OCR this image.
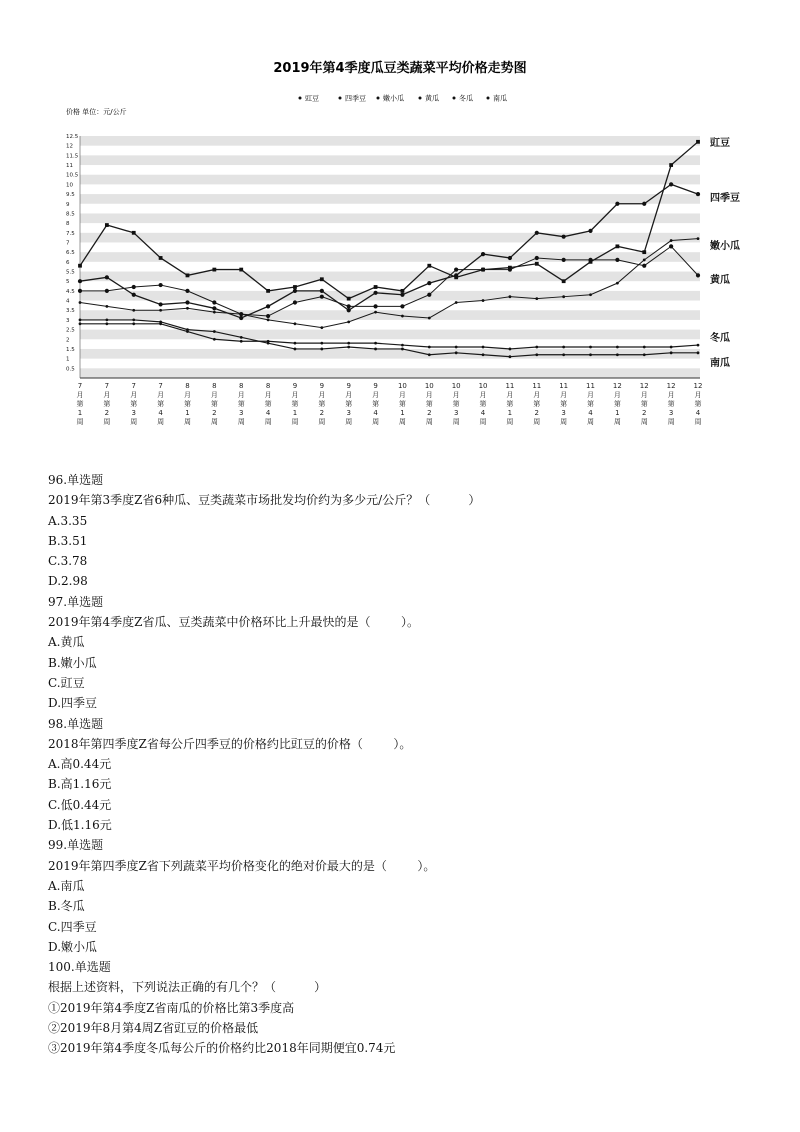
2019年第4季度瓜豆类蔬菜平均价格走势图
豇豆	四季豆 嫩小瓜	黄瓜	冬瓜	南瓜
价格 单位：元/公斤
12.5
12
11.5
11
10.5
10
9.5
9
8.5
8
7.5
7
6.5
6
5.5
5
4.5
4
3.5
3
2.5
2
1.5
1
0.5
7
月
第
1
周
7
月
第
2
周
7
月
第
3
周
7
月
第
4
周
8
月
第
1
周
8
月
第
2
周
8
月
第
3
周
8
月
第
4
周
9
月
第
1
周
9
月
第
2
周
9
月
第
3
周
9
月
第
4
周
10
月
第
1
周
10
月
第
2
周
10
月
第
3
周
10
月
第
4
周
11
月
第
1
周
11
月
第
2
周
11
月
第
3
周
11
月
第
4
周
12
月
第
1
周
12
月
第
2
周
12
月
第
3
周
12
月
第
4
周
豇豆
四季豆
嫩小瓜
黄瓜
冬瓜
南瓜
96.单选题
2019年第3季度Z省6种瓜、豆类蔬菜市场批发均价约为多少元/公斤？（          ）
A.3.35
B.3.51
C.3.78
D.2.98
97.单选题
2019年第4季度Z省瓜、豆类蔬菜中价格环比上升最快的是（        ）。
A.黄瓜
B.嫩小瓜
C.豇豆
D.四季豆
98.单选题
2018年第四季度Z省每公斤四季豆的价格约比豇豆的价格（        ）。
A.高0.44元
B.高1.16元
C.低0.44元
D.低1.16元
99.单选题
2019年第四季度Z省下列蔬菜平均价格变化的绝对价最大的是（        ）。
A.南瓜
B.冬瓜
C.四季豆
D.嫩小瓜
100.单选题
根据上述资料，下列说法正确的有几个？（          ）
①2019年第4季度Z省南瓜的价格比第3季度高
②2019年8月第4周Z省豇豆的价格最低
③2019年第4季度冬瓜每公斤的价格约比2018年同期便宜0.74元
